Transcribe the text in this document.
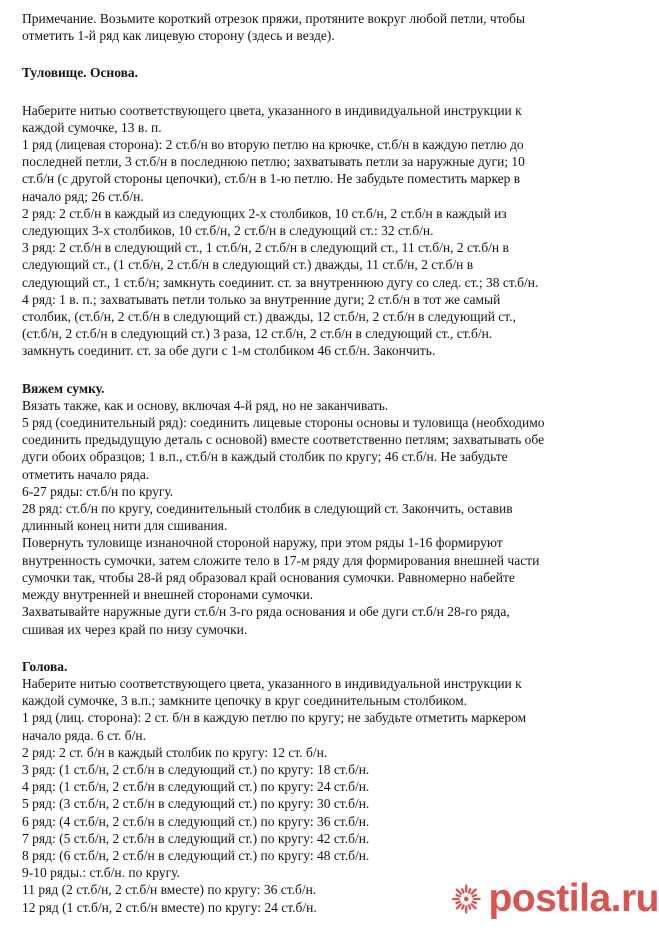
Примечание. Возьмите короткий отрезок пряжи, протяните вокруг любой петли, чтобы

отметить 1-й ряд как лицевую сторону (здесь и везде).

Туловище. Основа.

Наберите нитью соответствующего цвета, указанного в индивидуальной инструкции к

каждой сумочке, 13 в. п.

1 ряд (лицевая сторона): 2 ст.б/н во вторую петлю на крючке, ст.б/н в каждую петлю до

последней петли, 3 ст.б/н в последнюю петлю; захватывать петли за наружные дуги; 10

ст.б/н (с другой стороны цепочки), ст.б/н в 1-ю петлю. Не забудьте поместить маркер в

начало ряд; 26 ст.б/н.

2 ряд: 2 ст.б/н в каждый из следующих 2-х столбиков, 10 ст.б/н, 2 ст.б/н в каждый из

следующих 3-х столбиков, 10 ст.б/н, 2 ст.б/н в следующий ст.: 32 ст.б/н.

3 ряд: 2 ст.б/н в следующий ст., 1 ст.б/н, 2 ст.б/н в следующий ст., 11 ст.б/н, 2 ст.б/н в

следующий ст., (1 ст.б/н, 2 ст.б/н в следующий ст.) дважды, 11 ст.б/н, 2 ст.б/н в

следующий ст., 1 ст.б/н; замкнуть соединит. ст. за внутреннюю дугу со след. ст.; 38 ст.б/н.

4 ряд: 1 в. п.; захватывать петли только за внутренние дуги; 2 ст.б/н в тот же самый

столбик, (ст.б/н, 2 ст.б/н в следующий ст.) дважды, 12 ст.б/н, 2 ст.б/н в следующий ст.,

(ст.б/н, 2 ст.б/н в следующий ст.) 3 раза, 12 ст.б/н, 2 ст.б/н в следующий ст., ст.б/н.

замкнуть соединит. ст. за обе дуги с 1-м столбиком 46 ст.б/н. Закончить.

Вяжем сумку.

Вязать также, как и основу, включая 4-й ряд, но не заканчивать.

5 ряд (соединительный ряд): соединить лицевые стороны основы и туловища (необходимо

соединить предыдущую деталь с основой) вместе соответственно петлям; захватывать обе

дуги обоих образцов; 1 в.п., ст.б/н в каждый столбик по кругу; 46 ст.б/н. Не забудьте

отметить начало ряда.

6-27 ряды: ст.б/н по кругу.

28 ряд: ст.б/н по кругу, соединительный столбик в следующий ст. Закончить, оставив

длинный конец нити для сшивания.

Повернуть туловище изнаночной стороной наружу, при этом ряды 1-16 формируют

внутренность сумочки, затем сложите тело в 17-м ряду для формирования внешней части

сумочки так, чтобы 28-й ряд образовал край основания сумочки. Равномерно набейте

между внутренней и внешней сторонами сумочки.

Захватывайте наружные дуги ст.б/н 3-го ряда основания и обе дуги ст.б/н 28-го ряда,

сшивая их через край по низу сумочки.

Голова.

Наберите нитью соответствующего цвета, указанного в индивидуальной инструкции к

каждой сумочке, 3 в.п.; замкните цепочку в круг соединительным столбиком.

1 ряд (лиц. сторона): 2 ст. б/н в каждую петлю по кругу; не забудьте отметить маркером

начало ряда. 6 ст. б/н.

2 ряд: 2 ст. б/н в каждый столбик по кругу: 12 ст. б/н.

3 ряд: (1 ст.б/н, 2 ст.б/н в следующий ст.) по кругу: 18 ст.б/н.

4 ряд: (1 ст.б/н, 2 ст.б/н в следующий ст.) по кругу: 24 ст.б/н.

5 ряд: (3 ст.б/н, 2 ст.б/н в следующий ст.) по кругу: 30 ст.б/н.

6 ряд: (4 ст.б/н, 2 ст.б/н в следующий ст.) по кругу: 36 ст.б/н.

7 ряд: (5 ст.б/н, 2 ст.б/н в следующий ст.) по кругу: 42 ст.б/н.

8 ряд: (6 ст.б/н, 2 ст.б/н в следующий ст.) по кругу: 48 ст.б/н.

9-10 ряды.: ст.б/н. по кругу.

11 ряд (2 ст.б/н, 2 ст.б/н вместе) по кругу: 36 ст.б/н.

12 ряд (1 ст.б/н, 2 ст.б/н вместе) по кругу: 24 ст.б/н.	postila.ru
